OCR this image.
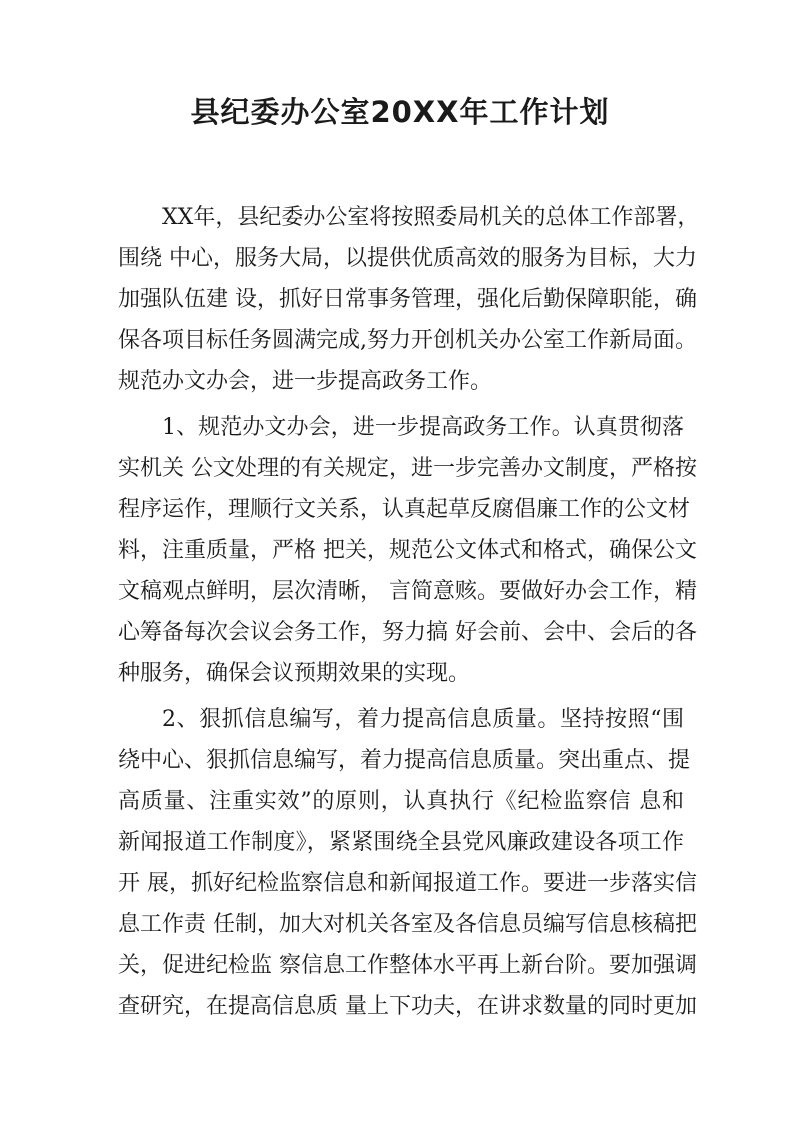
县纪委办公室20XX年工作计划

XX年，县纪委办公室将按照委局机关的总体工作部署，

围绕 中心，服务大局，以提供优质高效的服务为目标，大力

加强队伍建 设，抓好日常事务管理，强化后勤保障职能，确

保各项目标任务圆满完成,努力开创机关办公室工作新局面。

规范办文办会，进一步提高政务工作。

1、规范办文办会，进一步提高政务工作。认真贯彻落

实机关 公文处理的有关规定，进一步完善办文制度，严格按

程序运作，理顺行文关系，认真起草反腐倡廉工作的公文材

料，注重质量，严格 把关，规范公文体式和格式，确保公文

文稿观点鲜明，层次清晰， 言简意赅。要做好办会工作，精

心筹备每次会议会务工作，努力搞 好会前、会中、会后的各

种服务，确保会议预期效果的实现。

2、狠抓信息编写，着力提高信息质量。坚持按照“围

绕中心、狠抓信息编写，着力提高信息质量。突出重点、提

高质量、注重实效”的原则，认真执行《纪检监察信 息和

新闻报道工作制度》，紧紧围绕全县党风廉政建设各项工作

开 展，抓好纪检监察信息和新闻报道工作。要进一步落实信

息工作责 任制，加大对机关各室及各信息员编写信息核稿把

关，促进纪检监 察信息工作整体水平再上新台阶。要加强调

查研究，在提高信息质 量上下功夫，在讲求数量的同时更加
